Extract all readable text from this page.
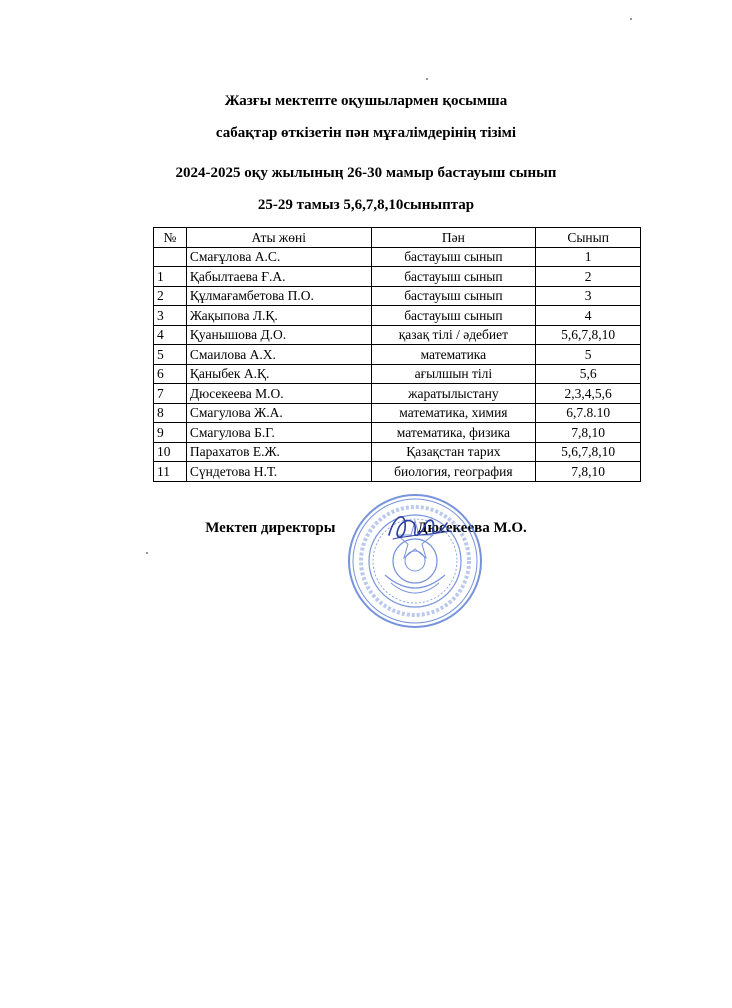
Жазғы мектепте оқушылармен қосымша
сабақтар өткізетін пән мұғалімдерінің тізімі
2024-2025 оқу жылының 26-30 мамыр бастауыш сынып
25-29 тамыз 5,6,7,8,10сыныптар
№	Аты жөні	Пән	Сынып
	Смағұлова А.С.	бастауыш сынып	1
1	Қабылтаева Ғ.А.	бастауыш сынып	2
2	Құлмағамбетова П.О.	бастауыш сынып	3
3	Жақыпова Л.Қ.	бастауыш сынып	4
4	Қуанышова Д.О.	қазақ тілі / әдебиет	5,6,7,8,10
5	Смаилова А.Х.	математика	5
6	Қаныбек А.Қ.	ағылшын тілі	5,6
7	Дюсекеева М.О.	жаратылыстану	2,3,4,5,6
8	Смагулова Ж.А.	математика, химия	6,7.8.10
9	Смагулова Б.Г.	математика, физика	7,8,10
10	Парахатов Е.Ж.	Қазақстан тарих	5,6,7,8,10
11	Сүндетова Н.Т.	биология, география	7,8,10
Мектеп директоры	Дюсекеева М.О.
